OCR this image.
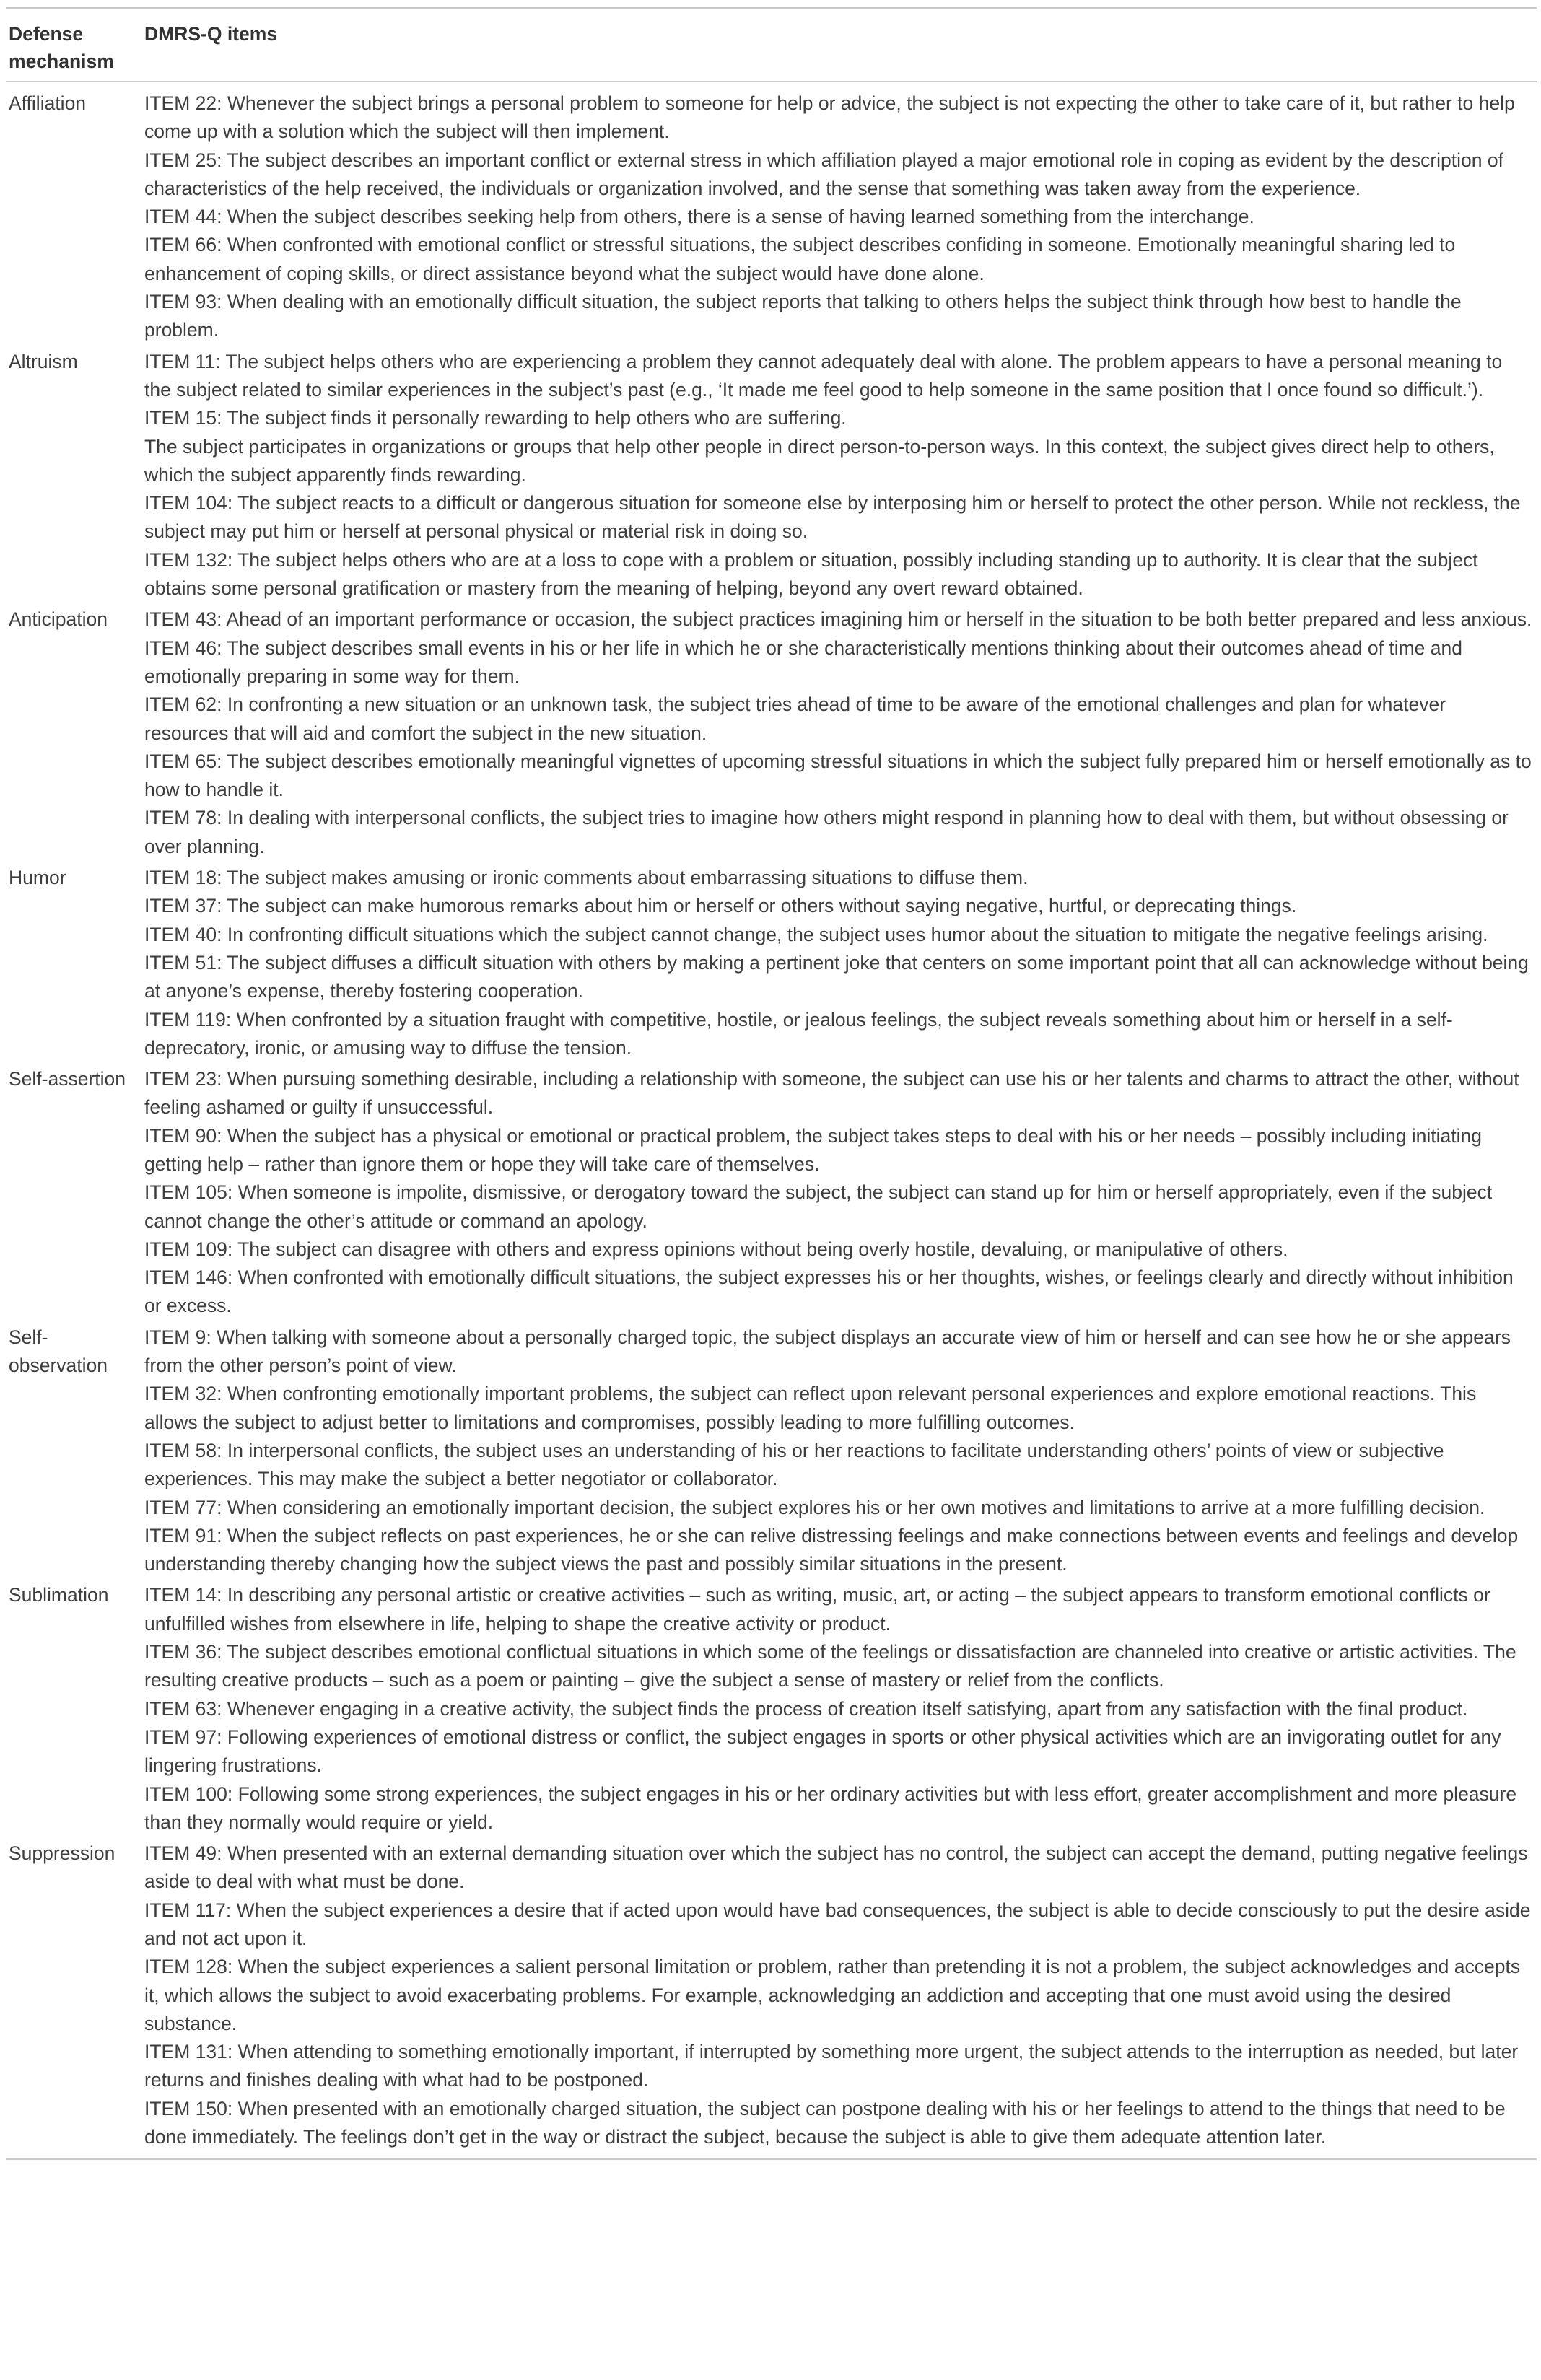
Defense mechanism	DMRS-Q items
Affiliation	ITEM 22: Whenever the subject brings a personal problem to someone for help or advice, the subject is not expecting the other to take care of it, but rather to help come up with a solution which the subject will then implement.
ITEM 25: The subject describes an important conflict or external stress in which affiliation played a major emotional role in coping as evident by the description of characteristics of the help received, the individuals or organization involved, and the sense that something was taken away from the experience.
ITEM 44: When the subject describes seeking help from others, there is a sense of having learned something from the interchange.
ITEM 66: When confronted with emotional conflict or stressful situations, the subject describes confiding in someone. Emotionally meaningful sharing led to enhancement of coping skills, or direct assistance beyond what the subject would have done alone.
ITEM 93: When dealing with an emotionally difficult situation, the subject reports that talking to others helps the subject think through how best to handle the problem.

Altruism	ITEM 11: The subject helps others who are experiencing a problem they cannot adequately deal with alone. The problem appears to have a personal meaning to the subject related to similar experiences in the subject’s past (e.g., ‘It made me feel good to help someone in the same position that I once found so difficult.’).
ITEM 15: The subject finds it personally rewarding to help others who are suffering.
The subject participates in organizations or groups that help other people in direct person-to-person ways. In this context, the subject gives direct help to others, which the subject apparently finds rewarding.
ITEM 104: The subject reacts to a difficult or dangerous situation for someone else by interposing him or herself to protect the other person. While not reckless, the subject may put him or herself at personal physical or material risk in doing so.
ITEM 132: The subject helps others who are at a loss to cope with a problem or situation, possibly including standing up to authority. It is clear that the subject obtains some personal gratification or mastery from the meaning of helping, beyond any overt reward obtained.

Anticipation	ITEM 43: Ahead of an important performance or occasion, the subject practices imagining him or herself in the situation to be both better prepared and less anxious.
ITEM 46: The subject describes small events in his or her life in which he or she characteristically mentions thinking about their outcomes ahead of time and emotionally preparing in some way for them.
ITEM 62: In confronting a new situation or an unknown task, the subject tries ahead of time to be aware of the emotional challenges and plan for whatever resources that will aid and comfort the subject in the new situation.
ITEM 65: The subject describes emotionally meaningful vignettes of upcoming stressful situations in which the subject fully prepared him or herself emotionally as to how to handle it.
ITEM 78: In dealing with interpersonal conflicts, the subject tries to imagine how others might respond in planning how to deal with them, but without obsessing or over planning.

Humor	ITEM 18: The subject makes amusing or ironic comments about embarrassing situations to diffuse them.
ITEM 37: The subject can make humorous remarks about him or herself or others without saying negative, hurtful, or deprecating things.
ITEM 40: In confronting difficult situations which the subject cannot change, the subject uses humor about the situation to mitigate the negative feelings arising.
ITEM 51: The subject diffuses a difficult situation with others by making a pertinent joke that centers on some important point that all can acknowledge without being at anyone’s expense, thereby fostering cooperation.
ITEM 119: When confronted by a situation fraught with competitive, hostile, or jealous feelings, the subject reveals something about him or herself in a self-deprecatory, ironic, or amusing way to diffuse the tension.

Self-assertion	ITEM 23: When pursuing something desirable, including a relationship with someone, the subject can use his or her talents and charms to attract the other, without feeling ashamed or guilty if unsuccessful.
ITEM 90: When the subject has a physical or emotional or practical problem, the subject takes steps to deal with his or her needs – possibly including initiating getting help – rather than ignore them or hope they will take care of themselves.
ITEM 105: When someone is impolite, dismissive, or derogatory toward the subject, the subject can stand up for him or herself appropriately, even if the subject cannot change the other’s attitude or command an apology.
ITEM 109: The subject can disagree with others and express opinions without being overly hostile, devaluing, or manipulative of others.
ITEM 146: When confronted with emotionally difficult situations, the subject expresses his or her thoughts, wishes, or feelings clearly and directly without inhibition or excess.

Self-observation	ITEM 9: When talking with someone about a personally charged topic, the subject displays an accurate view of him or herself and can see how he or she appears from the other person’s point of view.
ITEM 32: When confronting emotionally important problems, the subject can reflect upon relevant personal experiences and explore emotional reactions. This allows the subject to adjust better to limitations and compromises, possibly leading to more fulfilling outcomes.
ITEM 58: In interpersonal conflicts, the subject uses an understanding of his or her reactions to facilitate understanding others’ points of view or subjective experiences. This may make the subject a better negotiator or collaborator.
ITEM 77: When considering an emotionally important decision, the subject explores his or her own motives and limitations to arrive at a more fulfilling decision.
ITEM 91: When the subject reflects on past experiences, he or she can relive distressing feelings and make connections between events and feelings and develop understanding thereby changing how the subject views the past and possibly similar situations in the present.

Sublimation	ITEM 14: In describing any personal artistic or creative activities – such as writing, music, art, or acting – the subject appears to transform emotional conflicts or unfulfilled wishes from elsewhere in life, helping to shape the creative activity or product.
ITEM 36: The subject describes emotional conflictual situations in which some of the feelings or dissatisfaction are channeled into creative or artistic activities. The resulting creative products – such as a poem or painting – give the subject a sense of mastery or relief from the conflicts.
ITEM 63: Whenever engaging in a creative activity, the subject finds the process of creation itself satisfying, apart from any satisfaction with the final product.
ITEM 97: Following experiences of emotional distress or conflict, the subject engages in sports or other physical activities which are an invigorating outlet for any lingering frustrations.
ITEM 100: Following some strong experiences, the subject engages in his or her ordinary activities but with less effort, greater accomplishment and more pleasure than they normally would require or yield.

Suppression	ITEM 49: When presented with an external demanding situation over which the subject has no control, the subject can accept the demand, putting negative feelings aside to deal with what must be done.
ITEM 117: When the subject experiences a desire that if acted upon would have bad consequences, the subject is able to decide consciously to put the desire aside and not act upon it.
ITEM 128: When the subject experiences a salient personal limitation or problem, rather than pretending it is not a problem, the subject acknowledges and accepts it, which allows the subject to avoid exacerbating problems. For example, acknowledging an addiction and accepting that one must avoid using the desired substance.
ITEM 131: When attending to something emotionally important, if interrupted by something more urgent, the subject attends to the interruption as needed, but later returns and finishes dealing with what had to be postponed.
ITEM 150: When presented with an emotionally charged situation, the subject can postpone dealing with his or her feelings to attend to the things that need to be done immediately. The feelings don’t get in the way or distract the subject, because the subject is able to give them adequate attention later.
